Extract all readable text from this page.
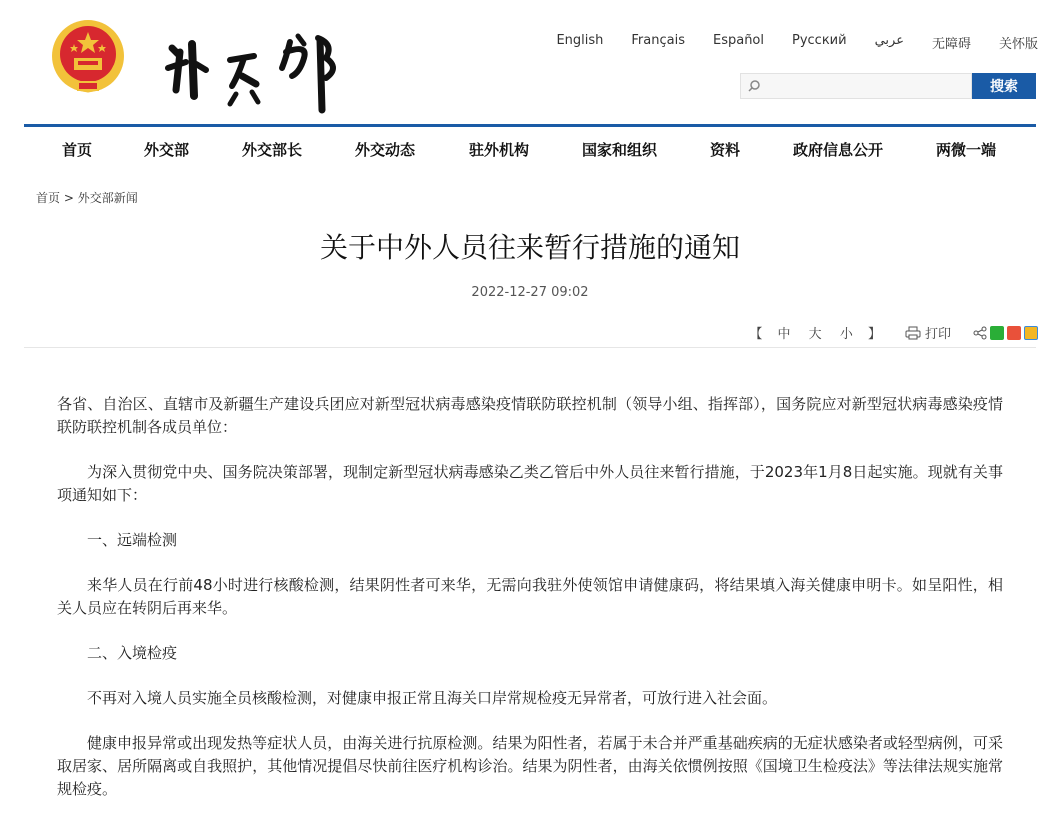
English Français Español Русский عربي 无障碍 关怀版
搜索
首页	外交部	外交部长	外交动态	驻外机构	国家和组织	资料	政府信息公开	两微一端
首页 > 外交部新闻
关于中外人员往来暂行措施的通知
2022-12-27 09:02
【 中 大 小 】	打印

各省、自治区、直辖市及新疆生产建设兵团应对新型冠状病毒感染疫情联防联控机制（领导小组、指挥部），国务院应对新型冠状病毒感染疫情联防联控机制各成员单位：

为深入贯彻党中央、国务院决策部署，现制定新型冠状病毒感染乙类乙管后中外人员往来暂行措施，于2023年1月8日起实施。现就有关事项通知如下：

一、远端检测

来华人员在行前48小时进行核酸检测，结果阴性者可来华，无需向我驻外使领馆申请健康码，将结果填入海关健康申明卡。如呈阳性，相关人员应在转阴后再来华。

二、入境检疫

不再对入境人员实施全员核酸检测，对健康申报正常且海关口岸常规检疫无异常者，可放行进入社会面。

健康申报异常或出现发热等症状人员，由海关进行抗原检测。结果为阳性者，若属于未合并严重基础疾病的无症状感染者或轻型病例，可采取居家、居所隔离或自我照护，其他情况提倡尽快前往医疗机构诊治。结果为阴性者，由海关依惯例按照《国境卫生检疫法》等法律法规实施常规检疫。
